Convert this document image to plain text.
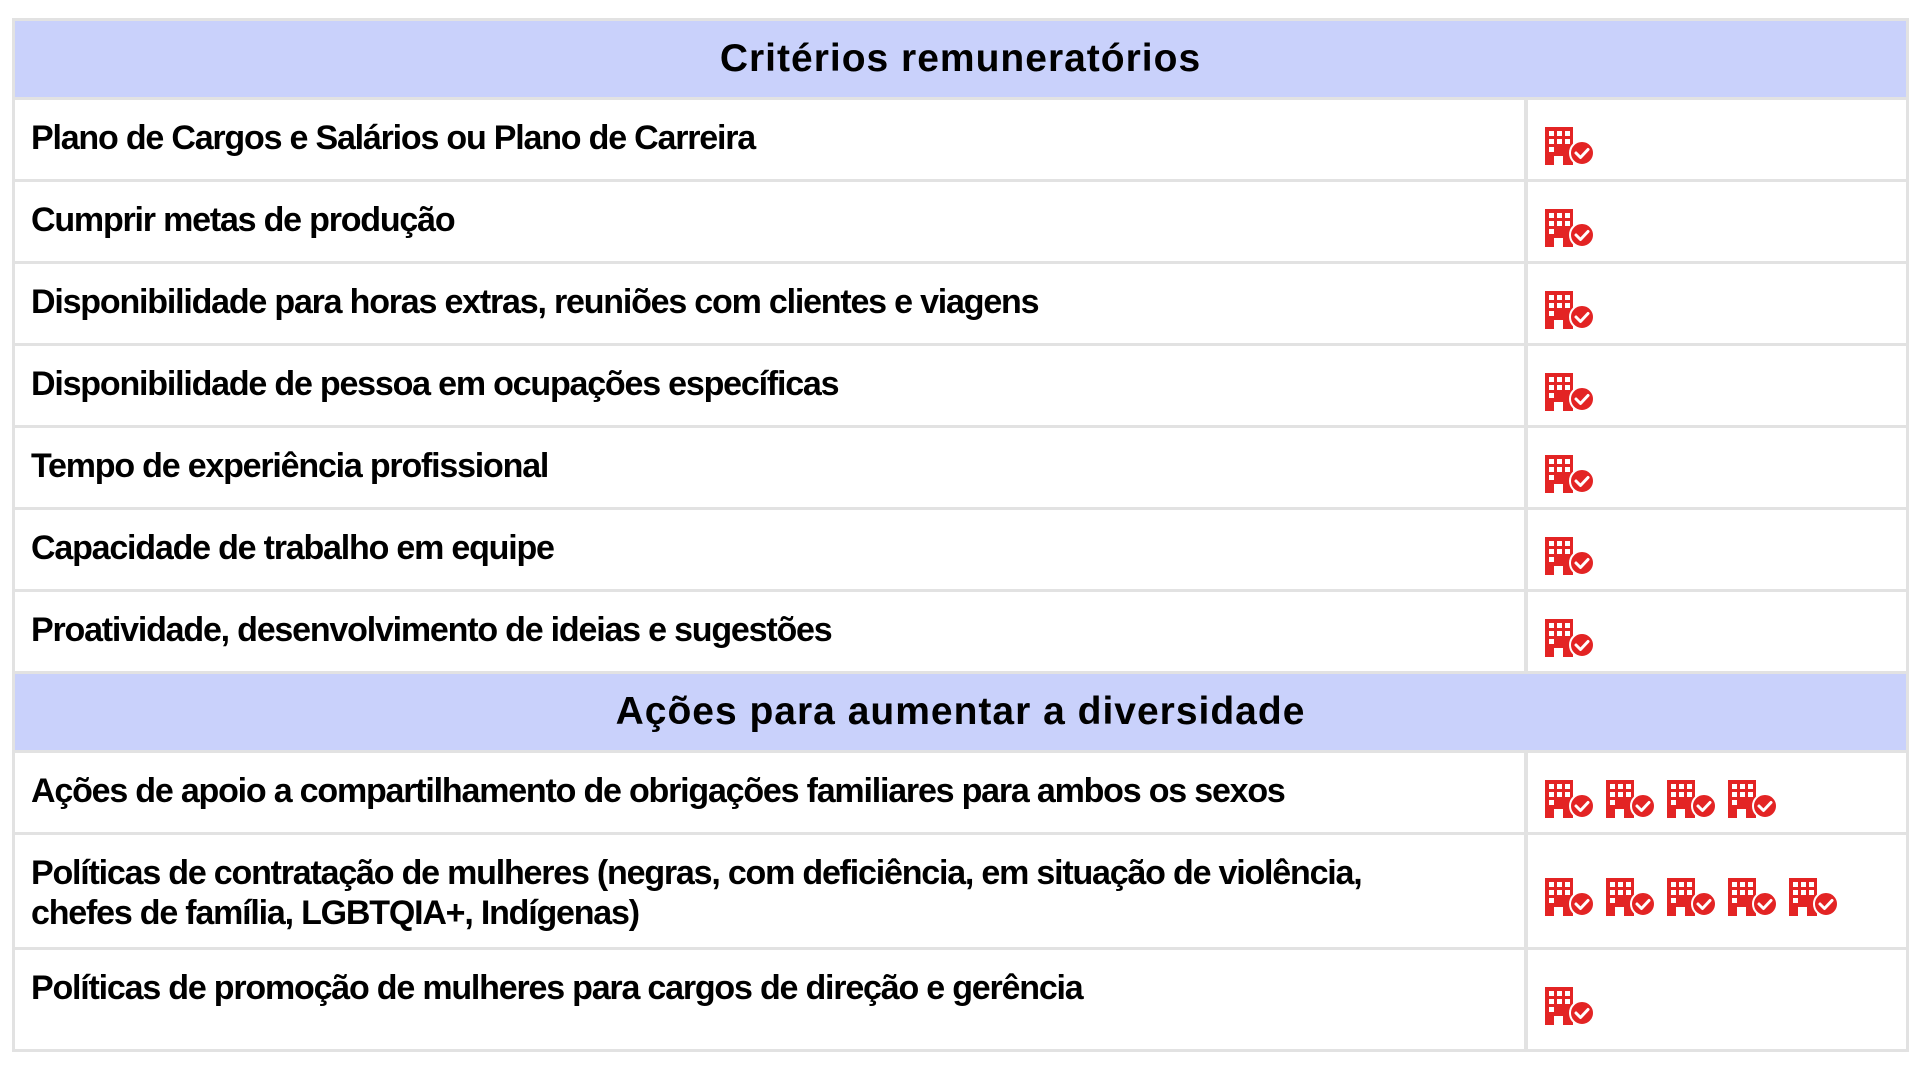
Critérios remuneratórios
Plano de Cargos e Salários ou Plano de Carreira
Cumprir metas de produção
Disponibilidade para horas extras, reuniões com clientes e viagens
Disponibilidade de pessoa em ocupações específicas
Tempo de experiência profissional
Capacidade de trabalho em equipe
Proatividade, desenvolvimento de ideias e sugestões
Ações para aumentar a diversidade
Ações de apoio a compartilhamento de obrigações familiares para ambos os sexos
Políticas de contratação de mulheres (negras, com deficiência, em situação de violência,
chefes de família, LGBTQIA+, Indígenas)
Políticas de promoção de mulheres para cargos de direção e gerência
